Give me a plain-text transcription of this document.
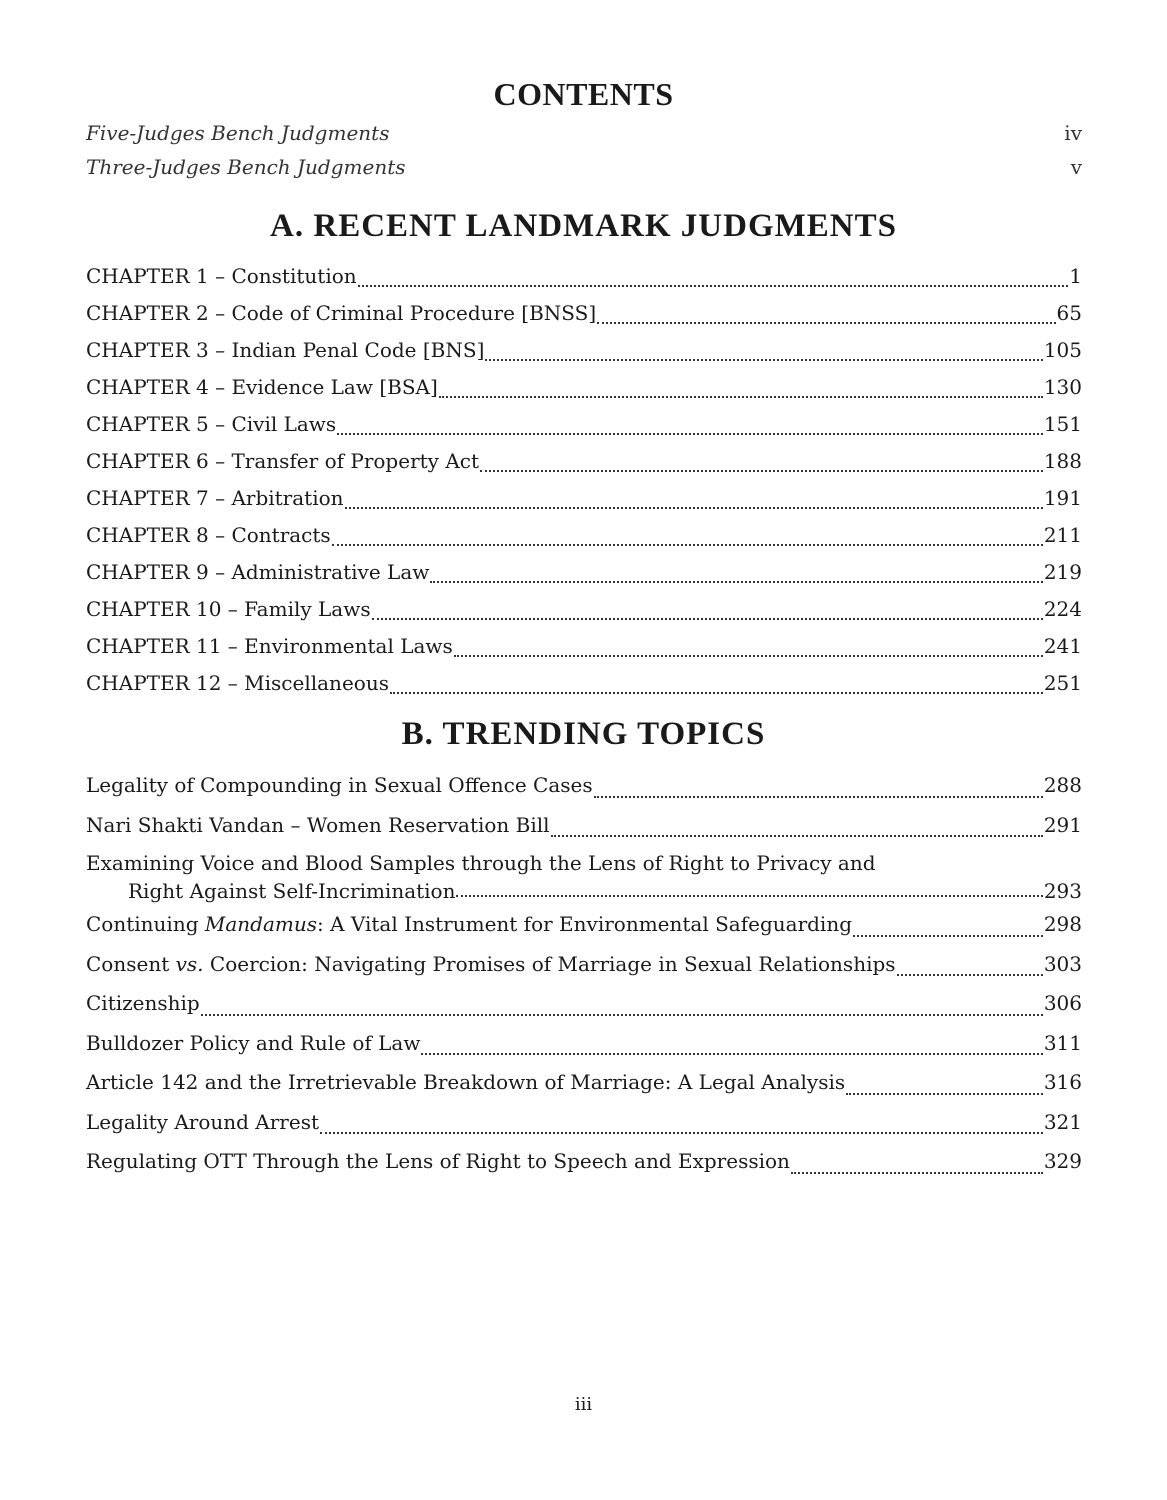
CONTENTS
Five-Judges Bench Judgments	iv
Three-Judges Bench Judgments	v
A. RECENT LANDMARK JUDGMENTS
CHAPTER 1 – Constitution	1
CHAPTER 2 – Code of Criminal Procedure [BNSS]	65
CHAPTER 3 – Indian Penal Code [BNS]	105
CHAPTER 4 – Evidence Law [BSA]	130
CHAPTER 5 – Civil Laws	151
CHAPTER 6 – Transfer of Property Act	188
CHAPTER 7 – Arbitration	191
CHAPTER 8 – Contracts	211
CHAPTER 9 – Administrative Law	219
CHAPTER 10 – Family Laws	224
CHAPTER 11 – Environmental Laws	241
CHAPTER 12 – Miscellaneous	251
B. TRENDING TOPICS
Legality of Compounding in Sexual Offence Cases	288
Nari Shakti Vandan – Women Reservation Bill	291
Examining Voice and Blood Samples through the Lens of Right to Privacy and
Right Against Self-Incrimination	293
Continuing Mandamus: A Vital Instrument for Environmental Safeguarding	298
Consent vs. Coercion: Navigating Promises of Marriage in Sexual Relationships	303
Citizenship	306
Bulldozer Policy and Rule of Law	311
Article 142 and the Irretrievable Breakdown of Marriage: A Legal Analysis	316
Legality Around Arrest	321
Regulating OTT Through the Lens of Right to Speech and Expression	329
iii
